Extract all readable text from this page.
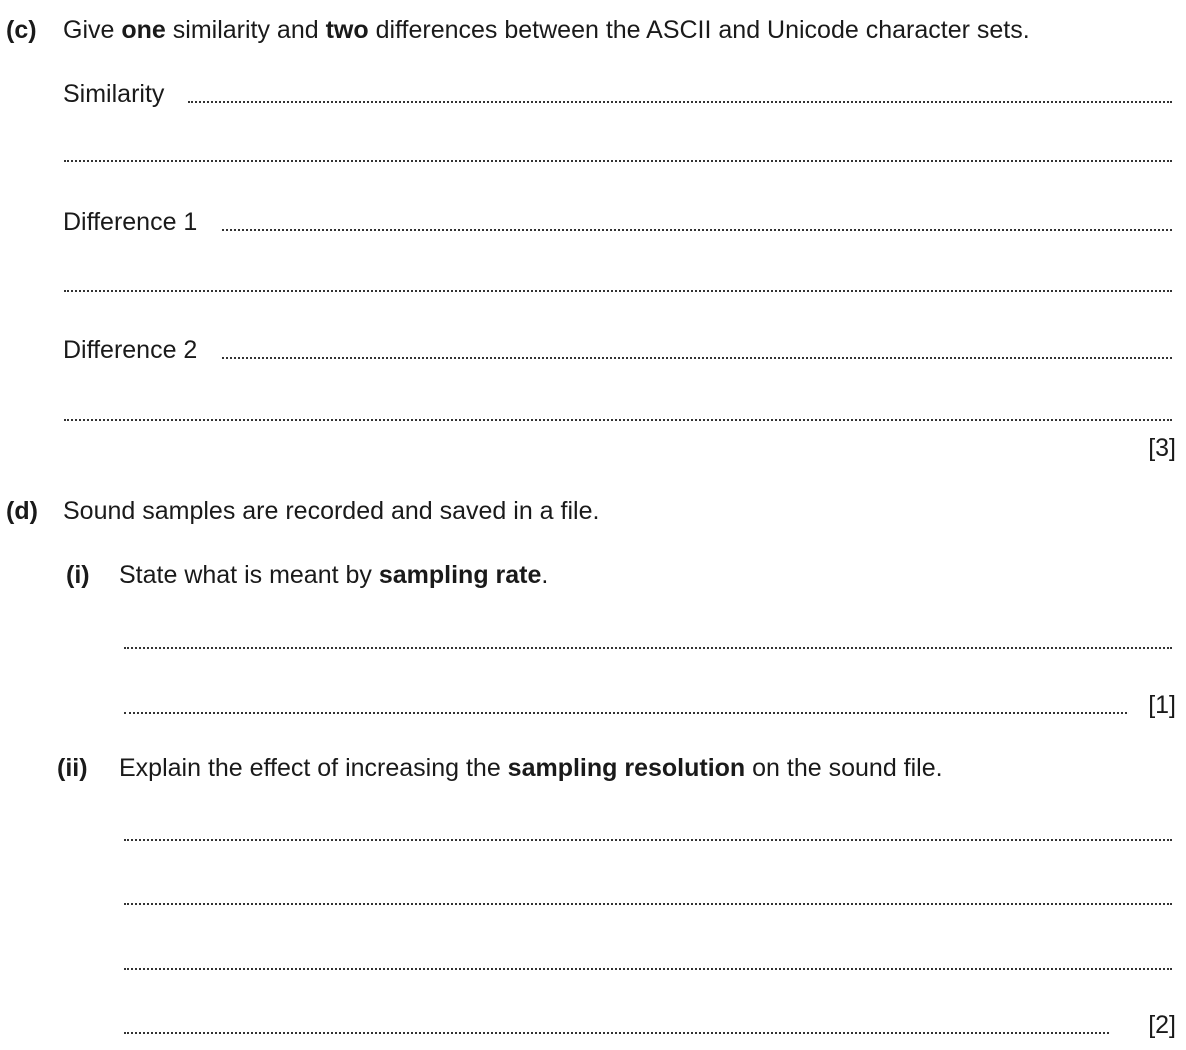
(c) Give one similarity and two differences between the ASCII and Unicode character sets.
Similarity
Difference 1
Difference 2
[3]
(d) Sound samples are recorded and saved in a file.
(i) State what is meant by sampling rate.
[1]
(ii) Explain the effect of increasing the sampling resolution on the sound file.
[2]
